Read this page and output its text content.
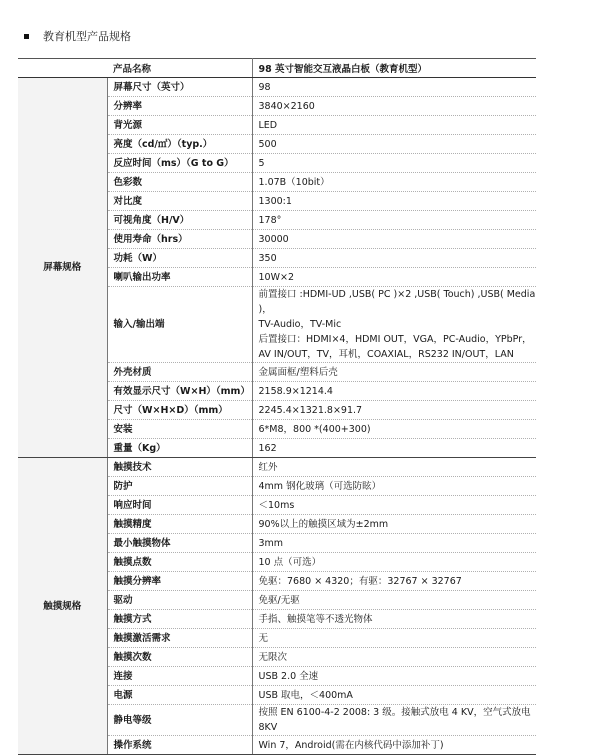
教育机型产品规格
	产品名称	98 英寸智能交互液晶白板（教育机型）
屏幕规格	屏幕尺寸（英寸）	98
	分辨率	3840×2160
	背光源	LED
	亮度（cd/㎡）（typ.）	500
	反应时间（ms）（G to G）	5
	色彩数	1.07B（10bit）
	对比度	1300:1
	可视角度（H/V）	178°
	使用寿命（hrs）	30000
	功耗（W）	350
	喇叭输出功率	10W×2
	输入/输出端	前置接口 :HDMI-UD ,USB( PC )×2 ,USB( Touch) ,USB( Media )，
TV-Audio，TV-Mic
后置接口：HDMI×4，HDMI OUT，VGA，PC-Audio，YPbPr，
AV IN/OUT，TV，耳机，COAXIAL，RS232 IN/OUT，LAN

	外壳材质	金属面框/塑料后壳
	有效显示尺寸（W×H）（mm）	2158.9×1214.4
	尺寸（W×H×D）（mm）	2245.4×1321.8×91.7
	安装	6*M8，800 *(400+300)
	重量（Kg）	162
触摸规格	触摸技术	红外
	防护	4mm 钢化玻璃（可选防眩）
	响应时间	＜10ms
	触摸精度	90%以上的触摸区域为±2mm
	最小触摸物体	3mm
	触摸点数	10 点（可选）
	触摸分辨率	免驱：7680 × 4320；有驱：32767 × 32767
	驱动	免驱/无驱
	触摸方式	手指、触摸笔等不透光物体
	触摸激活需求	无
	触摸次数	无限次
	连接	USB 2.0 全速
	电源	USB 取电，＜400mA
	静电等级	按照 EN 6100-4-2 2008: 3 级。接触式放电 4 KV，空气式放电 8KV
	操作系统	Win 7，Android(需在内核代码中添加补丁)
